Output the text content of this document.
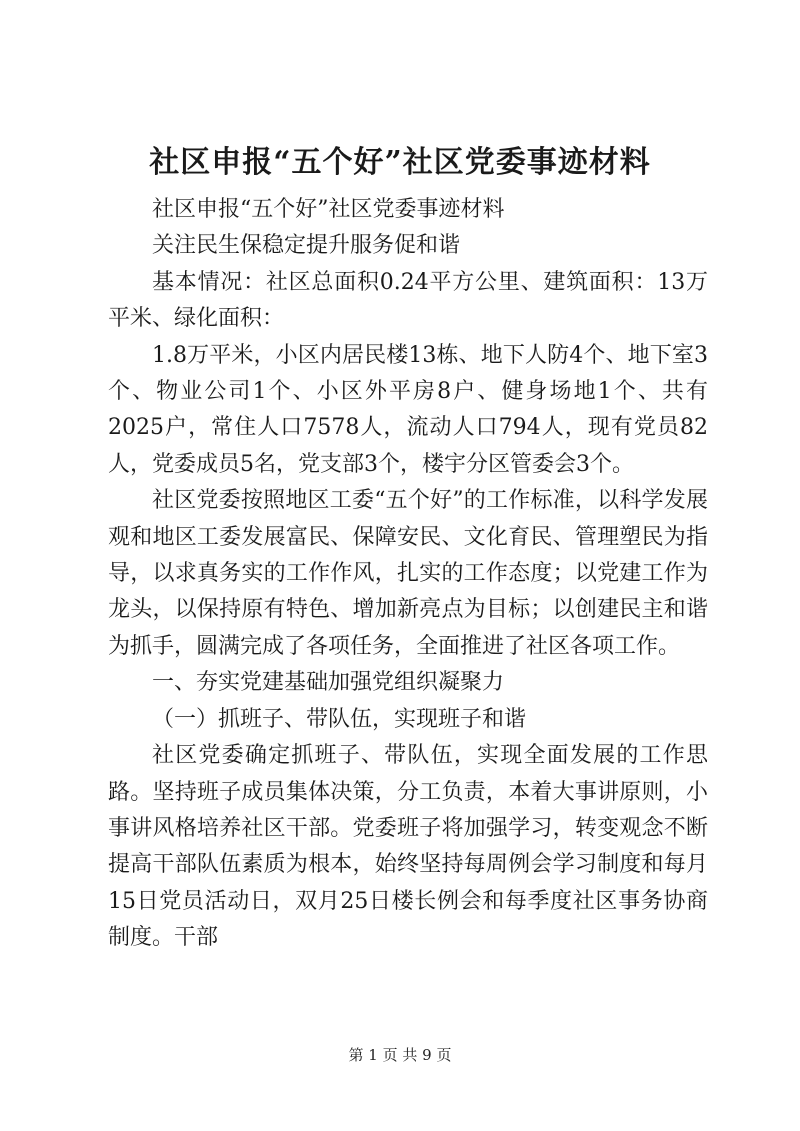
社区申报“五个好”社区党委事迹材料

社区申报“五个好”社区党委事迹材料

关注民生保稳定提升服务促和谐

基本情况：社区总面积0.24平方公里、建筑面积：13万平米、绿化面积：

1.8万平米，小区内居民楼13栋、地下人防4个、地下室3个、物业公司1个、小区外平房8户、健身场地1个、共有2025户，常住人口7578人，流动人口794人，现有党员82人，党委成员5名，党支部3个，楼宇分区管委会3个。

社区党委按照地区工委“五个好”的工作标准，以科学发展观和地区工委发展富民、保障安民、文化育民、管理塑民为指导，以求真务实的工作作风，扎实的工作态度；以党建工作为龙头，以保持原有特色、增加新亮点为目标；以创建民主和谐为抓手，圆满完成了各项任务，全面推进了社区各项工作。

一、夯实党建基础加强党组织凝聚力

（一）抓班子、带队伍，实现班子和谐

社区党委确定抓班子、带队伍，实现全面发展的工作思路。坚持班子成员集体决策，分工负责，本着大事讲原则，小事讲风格培养社区干部。党委班子将加强学习，转变观念不断提高干部队伍素质为根本，始终坚持每周例会学习制度和每月15日党员活动日，双月25日楼长例会和每季度社区事务协商制度。干部

第 1 页 共 9 页
